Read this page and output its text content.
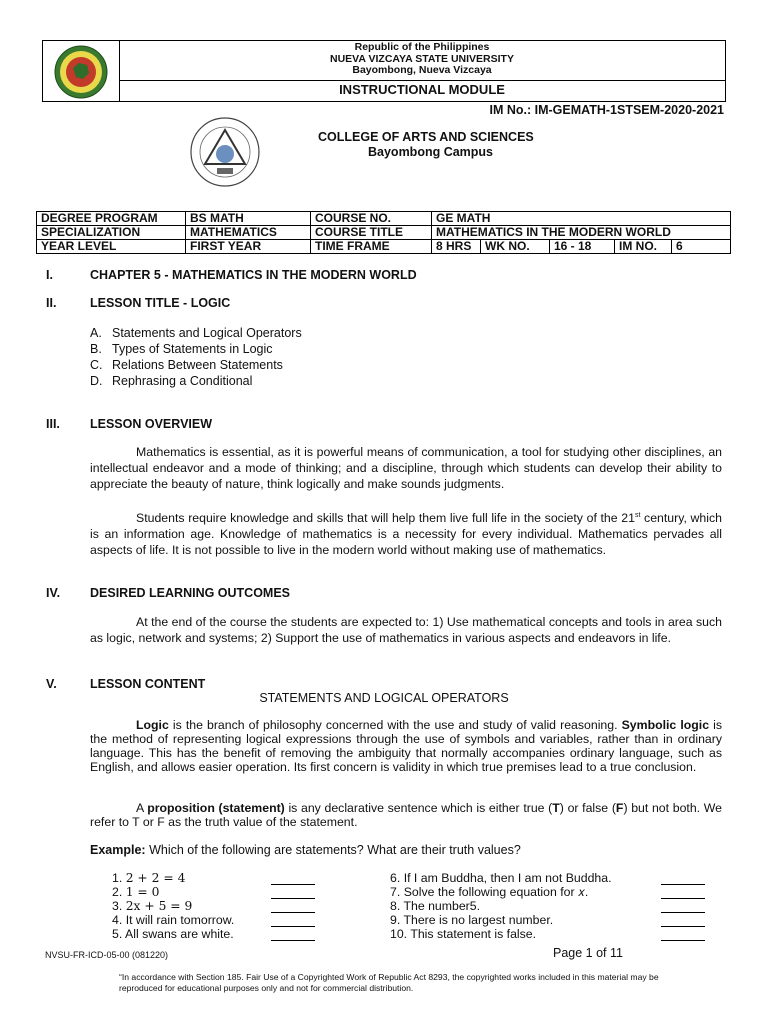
Republic of the Philippines
NUEVA VIZCAYA STATE UNIVERSITY
Bayombong, Nueva Vizcaya
INSTRUCTIONAL MODULE
IM No.: IM-GEMATH-1STSEM-2020-2021
COLLEGE OF ARTS AND SCIENCES
Bayombong Campus
DEGREE PROGRAM	BS MATH	COURSE NO.	GE MATH				
SPECIALIZATION	MATHEMATICS	COURSE TITLE	MATHEMATICS IN THE MODERN WORLD				
YEAR LEVEL	FIRST YEAR	TIME FRAME	8 HRS	WK NO.	16 - 18	IM NO.	6
I.	CHAPTER 5 - MATHEMATICS IN THE MODERN WORLD
II.	LESSON TITLE - LOGIC
A. Statements and Logical Operators
B. Types of Statements in Logic
C. Relations Between Statements
D. Rephrasing a Conditional
III. LESSON OVERVIEW
Mathematics is essential, as it is powerful means of communication, a tool for studying other disciplines, an intellectual endeavor and a mode of thinking; and a discipline, through which students can develop their ability to appreciate the beauty of nature, think logically and make sounds judgments.
Students require knowledge and skills that will help them live full life in the society of the 21st century, which is an information age. Knowledge of mathematics is a necessity for every individual. Mathematics pervades all aspects of life. It is not possible to live in the modern world without making use of mathematics.
IV. DESIRED LEARNING OUTCOMES
At the end of the course the students are expected to: 1) Use mathematical concepts and tools in area such as logic, network and systems; 2) Support the use of mathematics in various aspects and endeavors in life.
V.	LESSON CONTENT
STATEMENTS AND LOGICAL OPERATORS
Logic is the branch of philosophy concerned with the use and study of valid reasoning. Symbolic logic is the method of representing logical expressions through the use of symbols and variables, rather than in ordinary language. This has the benefit of removing the ambiguity that normally accompanies ordinary language, such as English, and allows easier operation. Its first concern is validity in which true premises lead to a true conclusion.
A proposition (statement) is any declarative sentence which is either true (T) or false (F) but not both. We refer to T or F as the truth value of the statement.
Example: Which of the following are statements? What are their truth values?
1. 2 + 2 = 4
2. 1 = 0
3. 2x + 5 = 9
4. It will rain tomorrow.
5. All swans are white.
6. If I am Buddha, then I am not Buddha.
7. Solve the following equation for 𝑥.
8. The number5.
9. There is no largest number.
10. This statement is false.
NVSU-FR-ICD-05-00 (081220)	Page 1 of 11
“In accordance with Section 185. Fair Use of a Copyrighted Work of Republic Act 8293, the copyrighted works included in this material may be reproduced for educational purposes only and not for commercial distribution.
